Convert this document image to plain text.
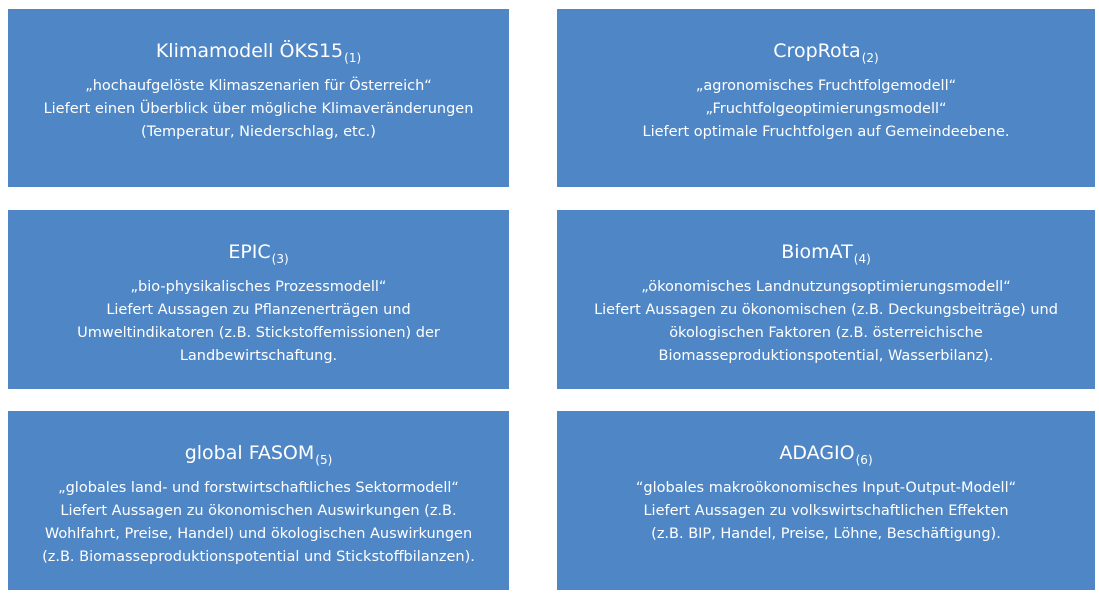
Klimamodell $ÖKS15_{(1)}$
„hochaufgelöste Klimaszenarien für Österreich“
Liefert einen Überblick über mögliche Klimaveränderungen
(Temperatur, Niederschlag, etc.)
CropRota$_{(2)}$
„agronomisches Fruchtfolgemodell“
„Fruchtfolgeoptimierungsmodell“
Liefert optimale Fruchtfolgen auf Gemeindeebene.
$EPIC_{(3)}$
„bio-physikalisches Prozessmodell“
Liefert Aussagen zu Pflanzenerträgen und
Umweltindikatoren (z.B. Stickstoffemissionen) der
Landbewirtschaftung.
BiomAT$_{(4)}$
„ökonomisches Landnutzungsoptimierungsmodell“
Liefert Aussagen zu ökonomischen (z.B. Deckungsbeiträge) und
ökologischen Faktoren (z.B. österreichische
Biomasseproduktionspotential, Wasserbilanz).
global $FASOM_{(5)}$
„globales land- und forstwirtschaftliches Sektormodell“
Liefert Aussagen zu ökonomischen Auswirkungen (z.B.
Wohlfahrt, Preise, Handel) und ökologischen Auswirkungen
(z.B. Biomasseproduktionspotential und Stickstoffbilanzen).
$ADAGIO_{(6)}$
“globales makroökonomisches Input-Output-Modell“
Liefert Aussagen zu volkswirtschaftlichen Effekten
(z.B. BIP, Handel, Preise, Löhne, Beschäftigung).
